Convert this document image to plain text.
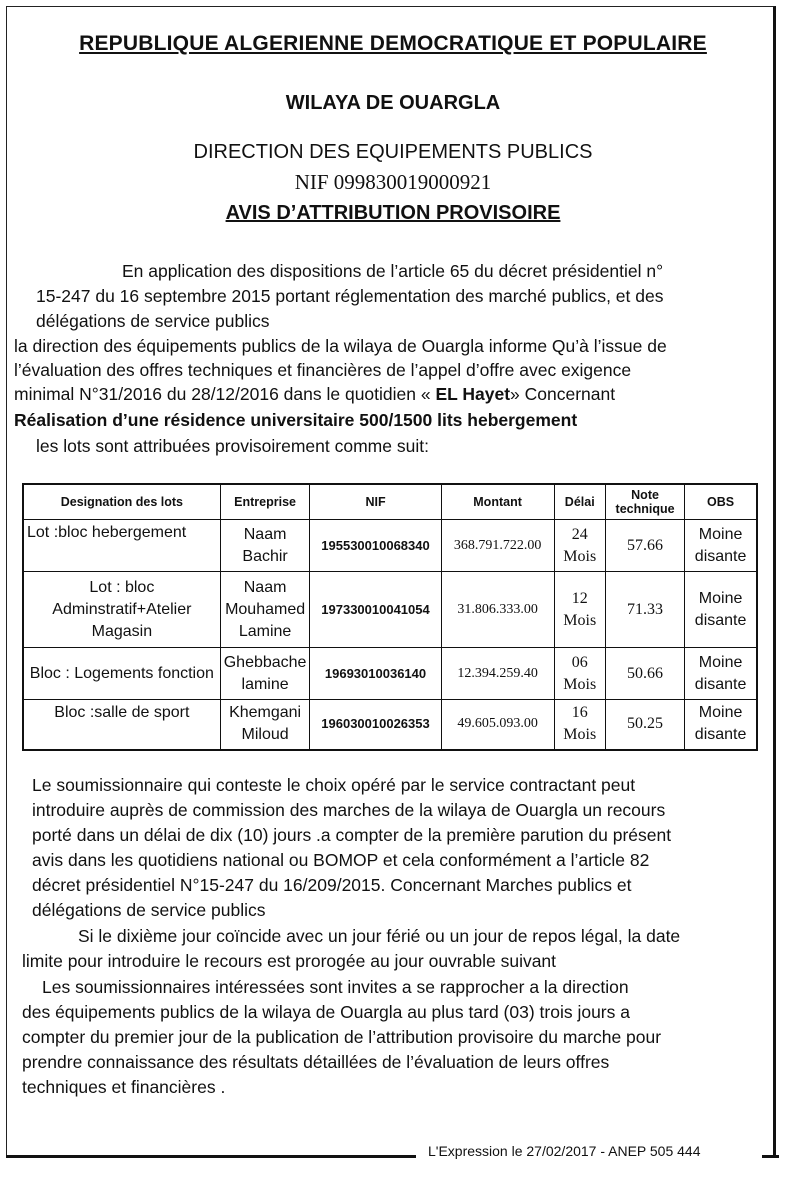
REPUBLIQUE ALGERIENNE DEMOCRATIQUE ET POPULAIRE
WILAYA DE OUARGLA
DIRECTION DES EQUIPEMENTS PUBLICS
NIF 099830019000921
AVIS D’ATTRIBUTION PROVISOIRE
En application des dispositions de l’article 65 du décret présidentiel n°
15-247 du 16 septembre 2015 portant réglementation des marché publics, et des
délégations de service publics
la direction des équipements publics de la wilaya de Ouargla informe Qu’à l’issue de
l’évaluation des offres techniques et financières de l’appel d’offre avec exigence
minimal N°31/2016 du 28/12/2016 dans le quotidien « EL Hayet» Concernant
Réalisation d’une résidence universitaire 500/1500 lits hebergement
les lots sont attribuées provisoirement comme suit:
Designation des lots	Entreprise	NIF	Montant	Délai	Note technique	OBS
Lot :bloc hebergement	Naam Bachir	195530010068340	368.791.722.00	24 Mois	57.66	Moine disante
Lot : bloc Adminstratif+Atelier Magasin	Naam Mouhamed Lamine	197330010041054	31.806.333.00	12 Mois	71.33	Moine disante
Bloc : Logements fonction	Ghebbache lamine	19693010036140	12.394.259.40	06 Mois	50.66	Moine disante
Bloc :salle de sport	Khemgani Miloud	196030010026353	49.605.093.00	16 Mois	50.25	Moine disante
Le soumissionnaire qui conteste le choix opéré par le service contractant peut
introduire auprès de commission des marches de la wilaya de Ouargla un recours
porté dans un délai de dix (10) jours .a compter de la première parution du présent
avis dans les quotidiens national ou BOMOP et cela conformément a l’article 82
décret présidentiel N°15-247 du 16/209/2015. Concernant Marches publics et
délégations de service publics
Si le dixième jour coïncide avec un jour férié ou un jour de repos légal, la date
limite pour introduire le recours est prorogée au jour ouvrable suivant
Les soumissionnaires intéressées sont invites a se rapprocher a la direction
des équipements publics de la wilaya de Ouargla au plus tard (03) trois jours a
compter du premier jour de la publication de l’attribution provisoire du marche pour
prendre connaissance des résultats détaillées de l’évaluation de leurs offres
techniques et financières .
L'Expression le 27/02/2017 - ANEP 505 444
